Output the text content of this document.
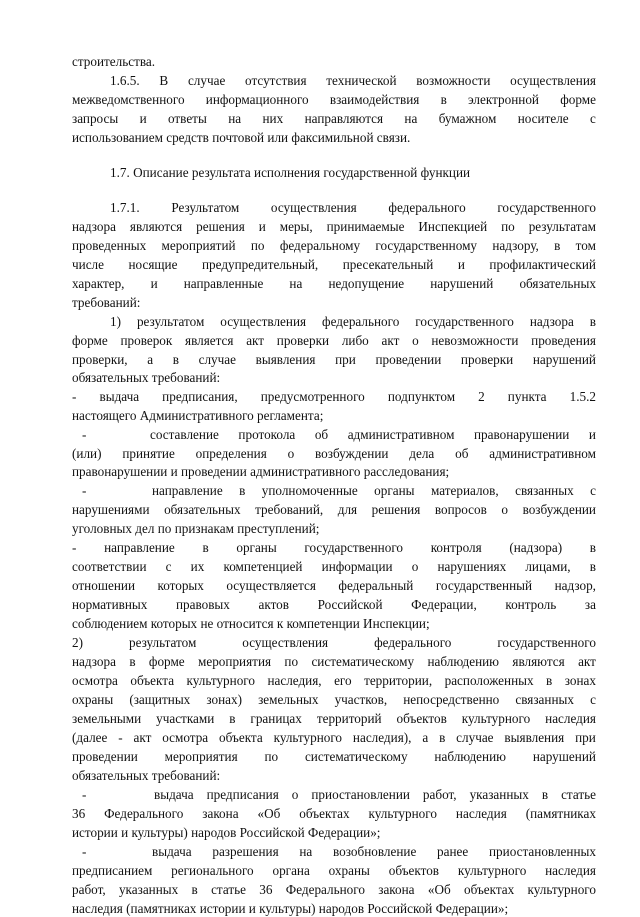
строительства.
1.6.5. В случае отсутствия технической возможности осуществления
межведомственного информационного взаимодействия в электронной форме
запросы и ответы на них направляются на бумажном носителе с
использованием средств почтовой или факсимильной связи.
1.7. Описание результата исполнения государственной функции
1.7.1. Результатом осуществления федерального государственного
надзора являются решения и меры, принимаемые Инспекцией по результатам
проведенных мероприятий по федеральному государственному надзору, в том
числе носящие предупредительный, пресекательный и профилактический
характер, и направленные на недопущение нарушений обязательных
требований:
1) результатом осуществления федерального государственного надзора в
форме проверок является акт проверки либо акт о невозможности проведения
проверки, а в случае выявления при проведении проверки нарушений
обязательных требований:
- выдача предписания, предусмотренного подпунктом 2 пункта 1.5.2
настоящего Административного регламента;
-	составление протокола об административном правонарушении и
(или) принятие определения о возбуждении дела об административном
правонарушении и проведении административного расследования;
-	направление в уполномоченные органы материалов, связанных с
нарушениями обязательных требований, для решения вопросов о возбуждении
уголовных дел по признакам преступлений;
- направление в органы государственного контроля (надзора) в
соответствии с их компетенцией информации о нарушениях лицами, в
отношении которых осуществляется федеральный государственный надзор,
нормативных правовых актов Российской Федерации, контроль за
соблюдением которых не относится к компетенции Инспекции;
2)	результатом	осуществления	федерального	государственного
надзора в форме мероприятия по систематическому наблюдению являются акт
осмотра объекта культурного наследия, его территории, расположенных в зонах
охраны (защитных зонах) земельных участков, непосредственно связанных с
земельными участками в границах территорий объектов культурного наследия
(далее - акт осмотра объекта культурного наследия), а в случае выявления при
проведении мероприятия по систематическому наблюдению нарушений
обязательных требований:
-	выдача предписания о приостановлении работ, указанных в статье
36 Федерального закона «Об объектах культурного наследия (памятниках
истории и культуры) народов Российской Федерации»;
-	выдача разрешения на возобновление ранее приостановленных
предписанием регионального органа охраны объектов культурного наследия
работ, указанных в статье 36 Федерального закона «Об объектах культурного
наследия (памятниках истории и культуры) народов Российской Федерации»;
